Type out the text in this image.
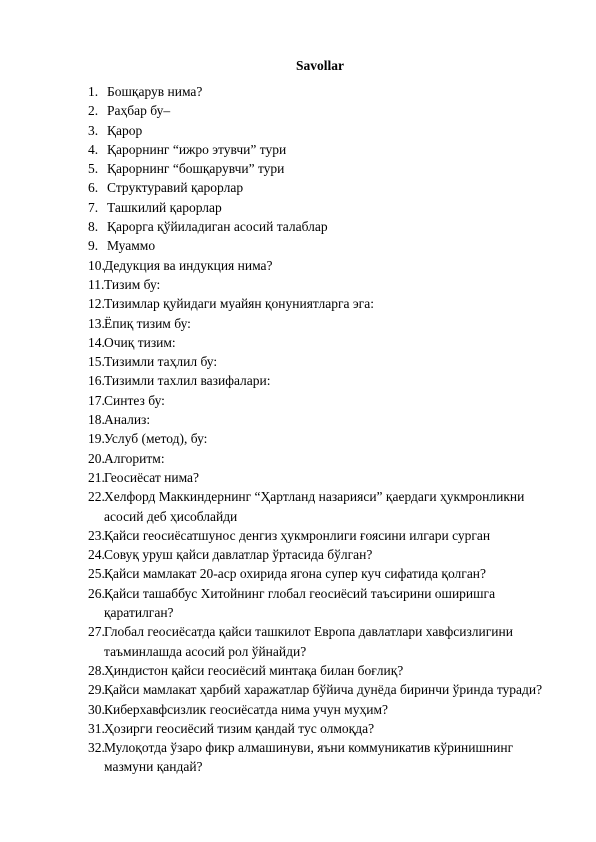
Savollar
1. Бошқарув нима?
2. Раҳбар бу–
3. Қарор
4. Қарорнинг “ижро этувчи” тури
5. Қарорнинг “бошқарувчи” тури
6. Структуравий қарорлар
7. Ташкилий қарорлар
8. Қарорга қўйиладиган асосий талаблар
9. Муаммо
10. Дедукция ва индукция нима?
11. Тизим бу:
12. Тизимлар қуйидаги муайян қонуниятларга эга:
13. Ёпиқ тизим бу:
14. Очиқ тизим:
15. Тизимли таҳлил бу:
16. Тизимли тахлил вазифалари:
17. Синтез бу:
18. Анализ:
19. Услуб (метод), бу:
20. Алгоритм:
21. Геосиёсат нима?
22. Хелфорд Маккиндернинг “Ҳартланд назарияси” қаердаги ҳукмронликни асосий деб ҳисоблайди
23. Қайси геосиёсатшунос денгиз ҳукмронлиги ғоясини илгари сурган
24. Совуқ уруш қайси давлатлар ўртасида бўлган?
25. Қайси мамлакат 20-аср охирида ягона супер куч сифатида қолган?
26. Қайси ташаббус Хитойнинг глобал геосиёсий таъсирини оширишга қаратилган?
27. Глобал геосиёсатда қайси ташкилот Европа давлатлари хавфсизлигини таъминлашда асосий рол ўйнайди?
28. Ҳиндистон қайси геосиёсий минтақа билан боғлиқ?
29. Қайси мамлакат ҳарбий харажатлар бўйича дунёда биринчи ўринда туради?
30. Киберхавфсизлик геосиёсатда нима учун муҳим?
31. Ҳозирги геосиёсий тизим қандай тус олмоқда?
32. Мулоқотда ўзаро фикр алмашинуви, яъни коммуникатив кўринишнинг мазмуни қандай?
